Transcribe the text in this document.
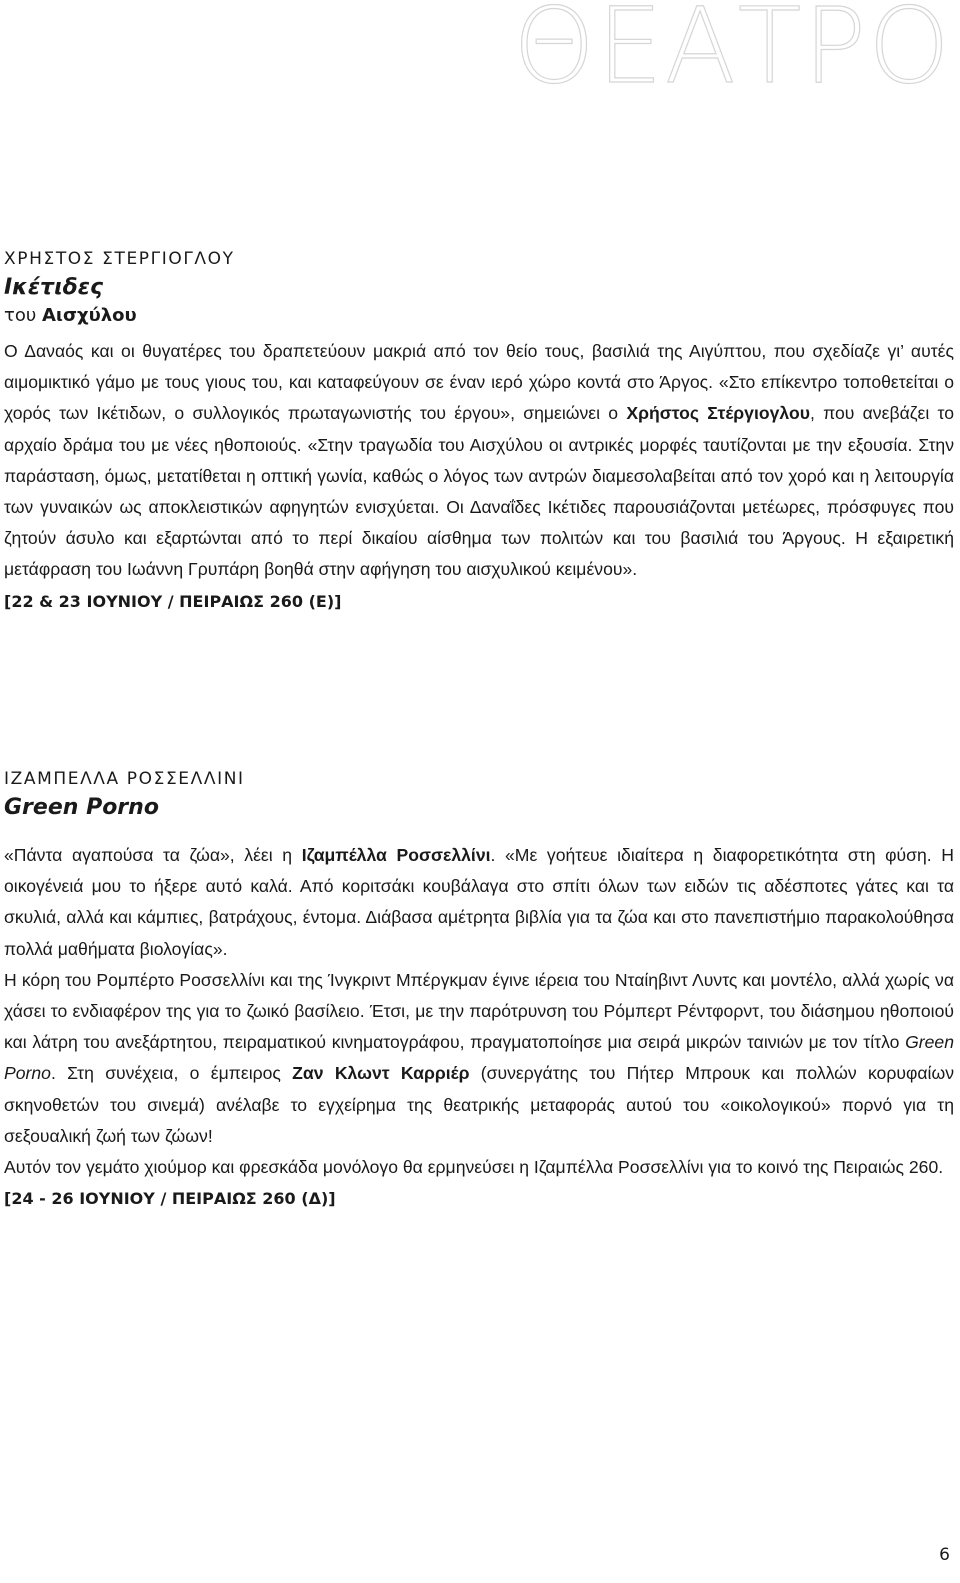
ΘΕΑΤΡΟ
ΧΡΗΣΤΟΣ ΣΤΕΡΓΙΟΓΛΟΥ
Ικέτιδες

του Αισχύλου

Ο Δαναός και οι θυγατέρες του δραπετεύουν μακριά από τον θείο τους, βασιλιά της Αιγύπτου, που σχεδίαζε γι’ αυτές αιμομικτικό γάμο με τους γιους του, και καταφεύγουν σε έναν ιερό χώρο κοντά στο Άργος. «Στο επίκεντρο τοποθετείται ο χορός των Ικέτιδων, ο συλλογικός πρωταγωνιστής του έργου», σημειώνει ο Χρήστος Στέργιογλου, που ανεβάζει το αρχαίο δράμα του με νέες ηθοποιούς. «Στην τραγωδία του Αισχύλου οι αντρικές μορφές ταυτίζονται με την εξουσία. Στην παράσταση, όμως, μετατίθεται η οπτική γωνία, καθώς ο λόγος των αντρών διαμεσολαβείται από τον χορό και η λειτουργία των γυναικών ως αποκλειστικών αφηγητών ενισχύεται. Οι Δαναΐδες Ικέτιδες παρουσιάζονται μετέωρες, πρόσφυγες που ζητούν άσυλο και εξαρτώνται από το περί δικαίου αίσθημα των πολιτών και του βασιλιά του Άργους. Η εξαιρετική μετάφραση του Ιωάννη Γρυπάρη βοηθά στην αφήγηση του αισχυλικού κειμένου».

[22 & 23 ΙΟΥΝΙΟΥ / ΠΕΙΡΑΙΩΣ 260 (Ε)]
ΙΖΑΜΠΕΛΛΑ ΡΟΣΣΕΛΛΙΝΙ
Green Porno

«Πάντα αγαπούσα τα ζώα», λέει η Ιζαμπέλλα Ροσσελλίνι. «Με γοήτευε ιδιαίτερα η διαφορετικότητα στη φύση. Η οικογένειά μου το ήξερε αυτό καλά. Από κοριτσάκι κουβάλαγα στο σπίτι όλων των ειδών τις αδέσποτες γάτες και τα σκυλιά, αλλά και κάμπιες, βατράχους, έντομα. Διάβασα αμέτρητα βιβλία για τα ζώα και στο πανεπιστήμιο παρακολούθησα πολλά μαθήματα βιολογίας».

Η κόρη του Ρομπέρτο Ροσσελλίνι και της Ίνγκριντ Μπέργκμαν έγινε ιέρεια του Νταίηβιντ Λυντς και μοντέλο, αλλά χωρίς να χάσει το ενδιαφέρον της για το ζωικό βασίλειο. Έτσι, με την παρότρυνση του Ρόμπερτ Ρέντφορντ, του διάσημου ηθοποιού και λάτρη του ανεξάρτητου, πειραματικού κινηματογράφου, πραγματοποίησε μια σειρά μικρών ταινιών με τον τίτλο Green Porno. Στη συνέχεια, ο έμπειρος Ζαν Κλωντ Καρριέρ (συνεργάτης του Πήτερ Μπρουκ και πολλών κορυφαίων σκηνοθετών του σινεμά) ανέλαβε το εγχείρημα της θεατρικής μεταφοράς αυτού του «οικολογικού» πορνό για τη σεξουαλική ζωή των ζώων!

Αυτόν τον γεμάτο χιούμορ και φρεσκάδα μονόλογο θα ερμηνεύσει η Ιζαμπέλλα Ροσσελλίνι για το κοινό της Πειραιώς 260.

[24 - 26 ΙΟΥΝΙΟΥ / ΠΕΙΡΑΙΩΣ 260 (Δ)]
6
